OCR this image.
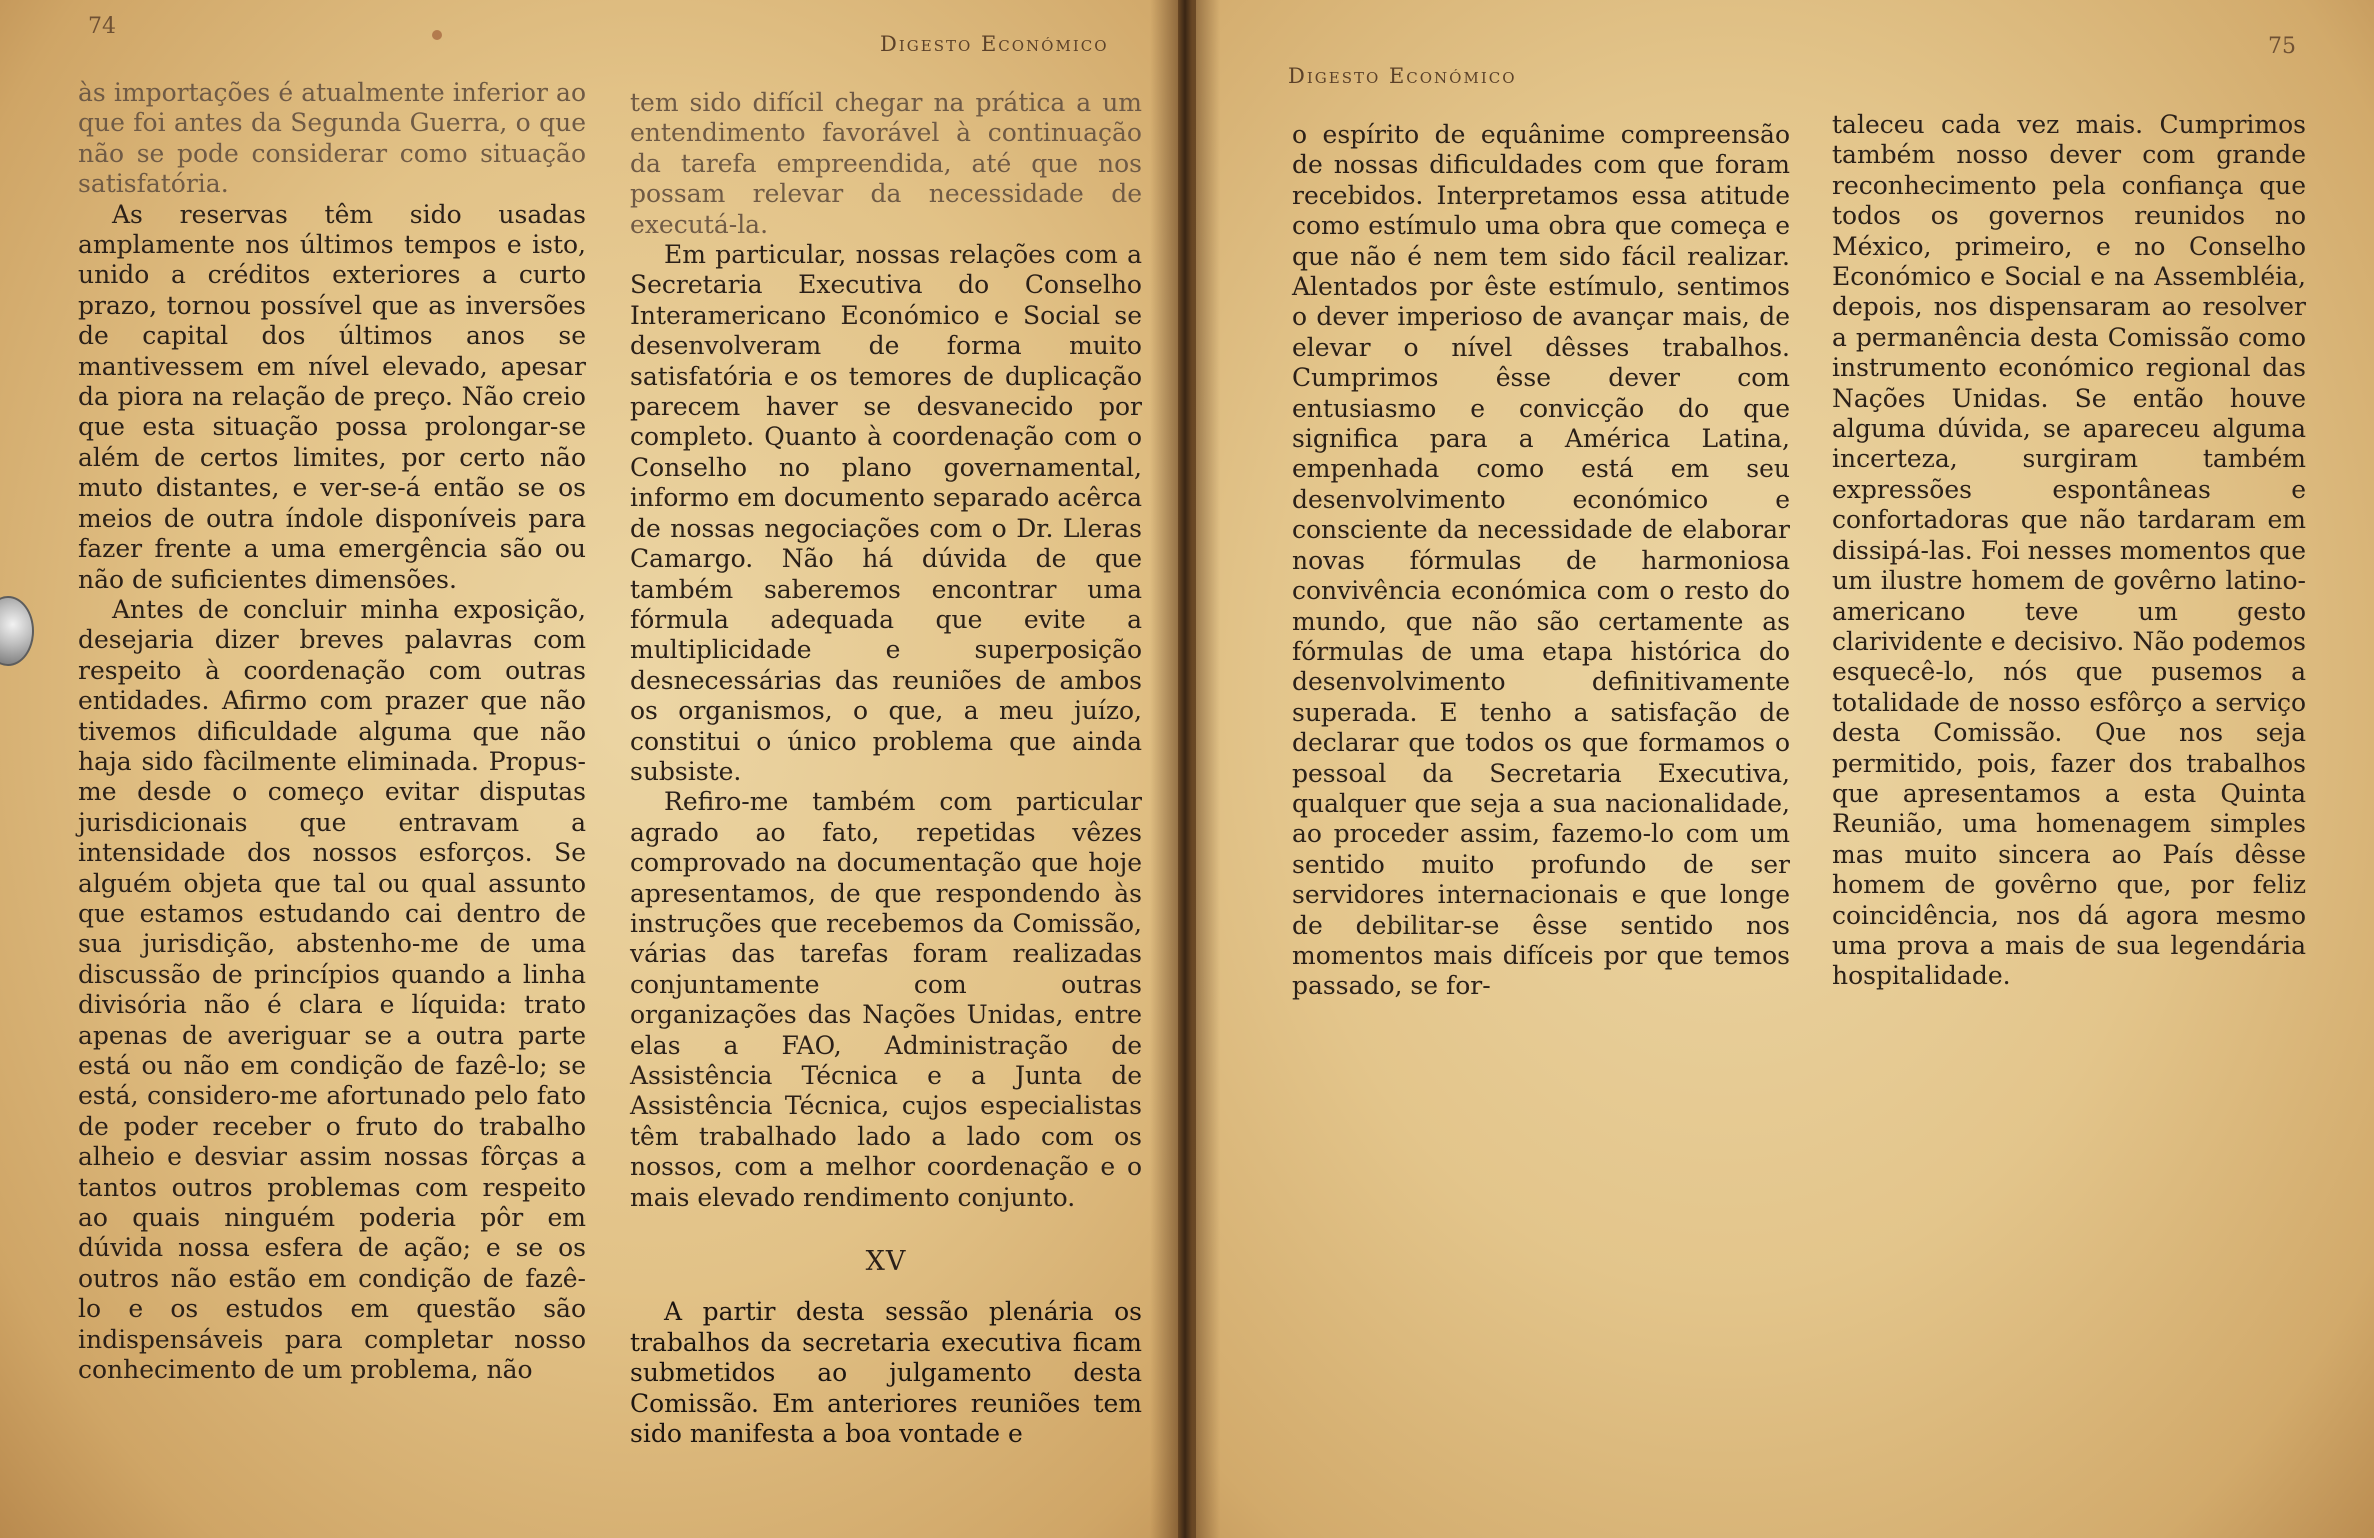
74
Digesto Económico

às importações é atualmente inferior ao que foi antes da Segunda Guerra, o que não se pode considerar como situação satisfatória.

As reservas têm sido usadas amplamente nos últimos tempos e isto, unido a créditos exteriores a curto prazo, tornou possível que as inversões de capital dos últimos anos se mantivessem em nível elevado, apesar da piora na relação de preço. Não creio que esta situação possa prolongar-se além de certos limites, por certo não muto distantes, e ver-se-á então se os meios de outra índole disponíveis para fazer frente a uma emergência são ou não de suficientes dimensões.

Antes de concluir minha exposição, desejaria dizer breves palavras com respeito à coordenação com outras entidades. Afirmo com prazer que não tivemos dificuldade alguma que não haja sido fàcilmente eliminada. Propus-me desde o começo evitar disputas jurisdicionais que entravam a intensidade dos nossos esforços. Se alguém objeta que tal ou qual assunto que estamos estudando cai dentro de sua jurisdição, abstenho-me de uma discussão de princípios quando a linha divisória não é clara e líquida: trato apenas de averiguar se a outra parte está ou não em condição de fazê-lo; se está, considero-me afortunado pelo fato de poder receber o fruto do trabalho alheio e desviar assim nossas fôrças a tantos outros problemas com respeito ao quais ninguém poderia pôr em dúvida nossa esfera de ação; e se os outros não estão em condição de fazê-lo e os estudos em questão são indispensáveis para completar nosso conhecimento de um problema, não

tem sido difícil chegar na prática a um entendimento favorável à continuação da tarefa empreendida, até que nos possam relevar da necessidade de executá-la.

Em particular, nossas relações com a Secretaria Executiva do Conselho Interamericano Económico e Social se desenvolveram de forma muito satisfatória e os temores de duplicação parecem haver se desvanecido por completo. Quanto à coordenação com o Conselho no plano governamental, informo em documento separado acêrca de nossas negociações com o Dr. Lleras Camargo. Não há dúvida de que também saberemos encontrar uma fórmula adequada que evite a multiplicidade e superposição desnecessárias das reuniões de ambos os organismos, o que, a meu juízo, constitui o único problema que ainda subsiste.

Refiro-me também com particular agrado ao fato, repetidas vêzes comprovado na documentação que hoje apresentamos, de que respondendo às instruções que recebemos da Comissão, várias das tarefas foram realizadas conjuntamente com outras organizações das Nações Unidas, entre elas a FAO, Administração de Assistência Técnica e a Junta de Assistência Técnica, cujos especialistas têm trabalhado lado a lado com os nossos, com a melhor coordenação e o mais elevado rendimento conjunto.

XV

A partir desta sessão plenária os trabalhos da secretaria executiva ficam submetidos ao julgamento desta Comissão. Em anteriores reuniões tem sido manifesta a boa vontade e

Digesto Económico
75

o espírito de equânime compreensão de nossas dificuldades com que foram recebidos. Interpretamos essa atitude como estímulo uma obra que começa e que não é nem tem sido fácil realizar. Alentados por êste estímulo, sentimos o dever imperioso de avançar mais, de elevar o nível dêsses trabalhos. Cumprimos êsse dever com entusiasmo e convicção do que significa para a América Latina, empenhada como está em seu desenvolvimento económico e consciente da necessidade de elaborar novas fórmulas de harmoniosa convivência económica com o resto do mundo, que não são certamente as fórmulas de uma etapa histórica do desenvolvimento definitivamente superada. E tenho a satisfação de declarar que todos os que formamos o pessoal da Secretaria Executiva, qualquer que seja a sua nacionalidade, ao proceder assim, fazemo-lo com um sentido muito profundo de ser servidores internacionais e que longe de debilitar-se êsse sentido nos momentos mais difíceis por que temos passado, se for-

taleceu cada vez mais. Cumprimos também nosso dever com grande reconhecimento pela confiança que todos os governos reunidos no México, primeiro, e no Conselho Económico e Social e na Assembléia, depois, nos dispensaram ao resolver a permanência desta Comissão como instrumento económico regional das Nações Unidas. Se então houve alguma dúvida, se apareceu alguma incerteza, surgiram também expressões espontâneas e confortadoras que não tardaram em dissipá-las. Foi nesses momentos que um ilustre homem de govêrno latino-americano teve um gesto clarividente e decisivo. Não podemos esquecê-lo, nós que pusemos a totalidade de nosso esfôrço a serviço desta Comissão. Que nos seja permitido, pois, fazer dos trabalhos que apresentamos a esta Quinta Reunião, uma homenagem simples mas muito sincera ao País dêsse homem de govêrno que, por feliz coincidência, nos dá agora mesmo uma prova a mais de sua legendária hospitalidade.
